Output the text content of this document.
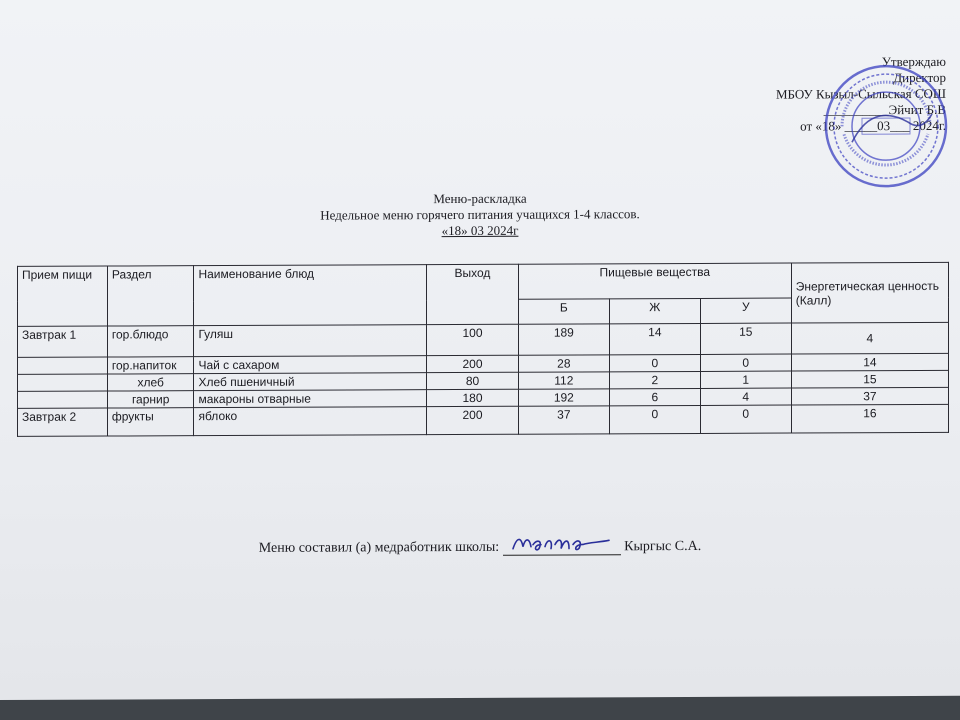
Утверждаю
Директор
МБОУ Кызыл-Сыльская СОШ
__________Эйчит Б.В
от «18» _____03___ 2024г.
Меню-раскладка
Недельное меню горячего питания учащихся 1-4 классов.
«18» 03 2024г
Прием пищи	Раздел	Наименование блюд	Выход	Пищевые вещества			Энергетическая ценность (Калл)
				Б	Ж	У	
Завтрак 1	гор.блюдо	Гуляш	100	189	14	15	4
	гор.напиток	Чай с сахаром	200	28	0	0	14
	хлеб	Хлеб пшеничный	80	112	2	1	15
	гарнир	макароны отварные	180	192	6	4	37
Завтрак 2	фрукты	яблоко	200	37	0	0	16
Меню составил (а) медработник школы:	Кыргыс С.А.
